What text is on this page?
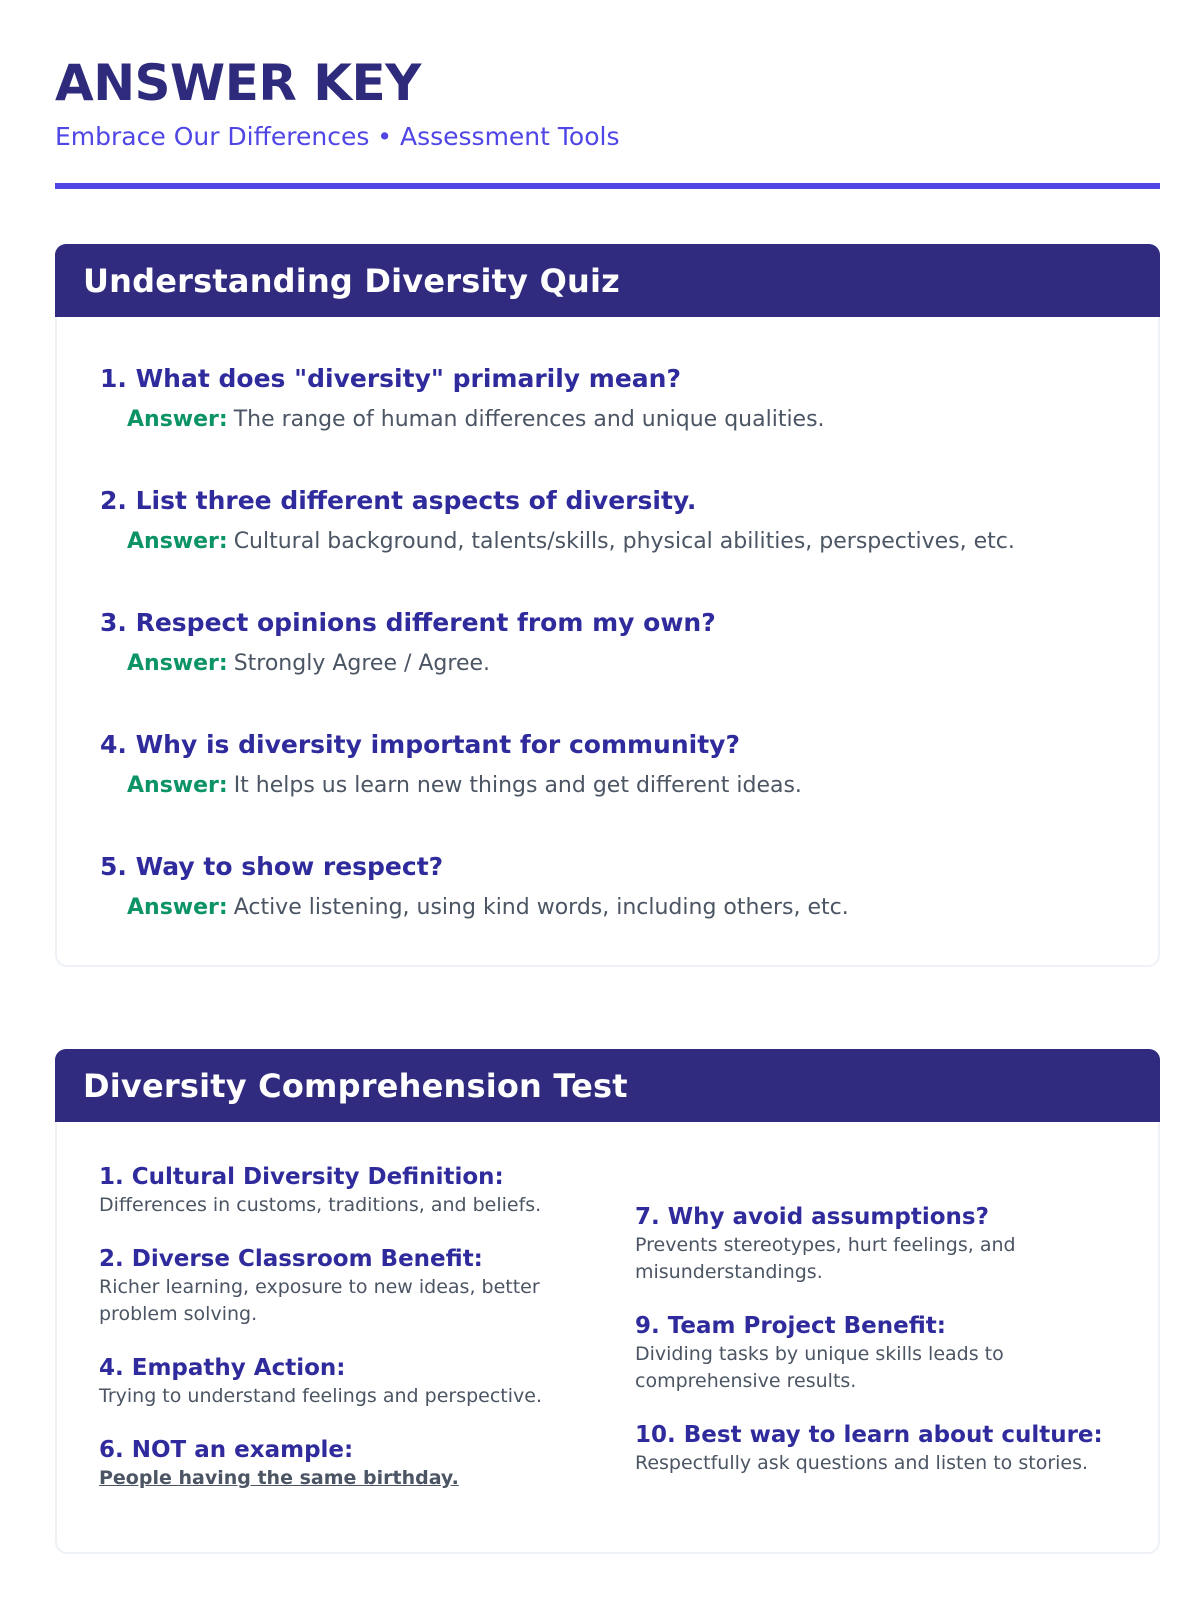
ANSWER KEY
Embrace Our Differences • Assessment Tools
Understanding Diversity Quiz

1. What does "diversity" primarily mean?

Answer: The range of human differences and unique qualities.

2. List three different aspects of diversity.

Answer: Cultural background, talents/skills, physical abilities, perspectives, etc.

3. Respect opinions different from my own?

Answer: Strongly Agree / Agree.

4. Why is diversity important for community?

Answer: It helps us learn new things and get different ideas.

5. Way to show respect?

Answer: Active listening, using kind words, including others, etc.
Diversity Comprehension Test
1. Cultural Diversity Definition:
Differences in customs, traditions, and beliefs.
2. Diverse Classroom Benefit:
Richer learning, exposure to new ideas, better problem solving.
4. Empathy Action:
Trying to understand feelings and perspective.
6. NOT an example:
People having the same birthday.
7. Why avoid assumptions?
Prevents stereotypes, hurt feelings, and misunderstandings.
9. Team Project Benefit:
Dividing tasks by unique skills leads to comprehensive results.
10. Best way to learn about culture:
Respectfully ask questions and listen to stories.
